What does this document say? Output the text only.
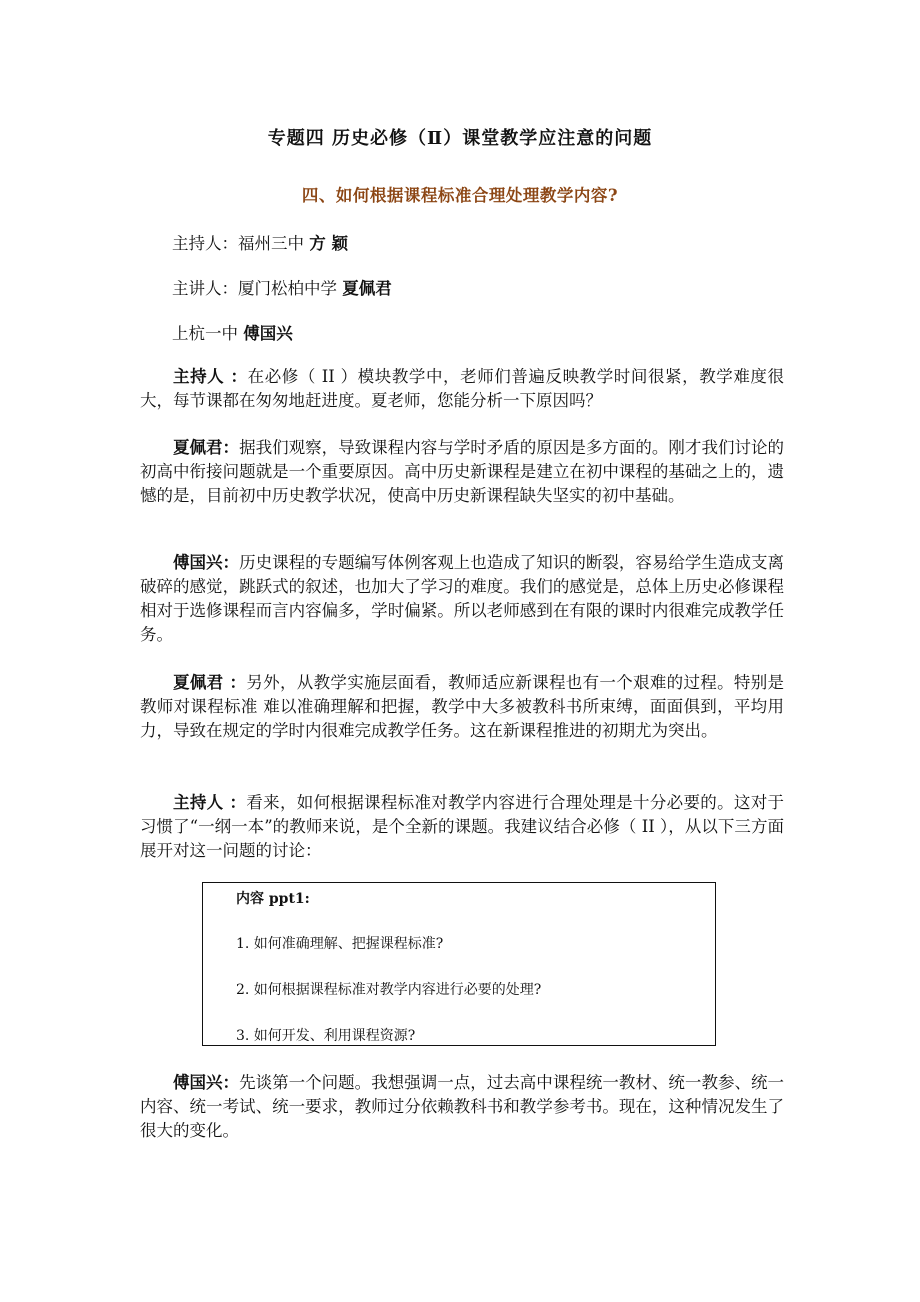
专题四 历史必修（Ⅱ）课堂教学应注意的问题
四、如何根据课程标准合理处理教学内容?
主持人：福州三中 方 颖
主讲人：厦门松柏中学 夏佩君
上杭一中 傅国兴
主持人 ：在必修（ II ）模块教学中，老师们普遍反映教学时间很紧，教学难度很大，每节课都在匆匆地赶进度。夏老师，您能分析一下原因吗？
夏佩君：据我们观察，导致课程内容与学时矛盾的原因是多方面的。刚才我们讨论的初高中衔接问题就是一个重要原因。高中历史新课程是建立在初中课程的基础之上的，遗憾的是，目前初中历史教学状况，使高中历史新课程缺失坚实的初中基础。
傅国兴：历史课程的专题编写体例客观上也造成了知识的断裂，容易给学生造成支离破碎的感觉，跳跃式的叙述，也加大了学习的难度。我们的感觉是，总体上历史必修课程相对于选修课程而言内容偏多，学时偏紧。所以老师感到在有限的课时内很难完成教学任务。
夏佩君 ：另外，从教学实施层面看，教师适应新课程也有一个艰难的过程。特别是教师对课程标准 难以准确理解和把握，教学中大多被教科书所束缚，面面俱到，平均用力，导致在规定的学时内很难完成教学任务。这在新课程推进的初期尤为突出。
主持人 ：看来，如何根据课程标准对教学内容进行合理处理是十分必要的。这对于习惯了“一纲一本”的教师来说，是个全新的课题。我建议结合必修（ II ），从以下三方面展开对这一问题的讨论：
内容 ppt1:
1. 如何准确理解、把握课程标准?
2. 如何根据课程标准对教学内容进行必要的处理?
3. 如何开发、利用课程资源?
傅国兴：先谈第一个问题。我想强调一点，过去高中课程统一教材、统一教参、统一内容、统一考试、统一要求，教师过分依赖教科书和教学参考书。现在，这种情况发生了很大的变化。
